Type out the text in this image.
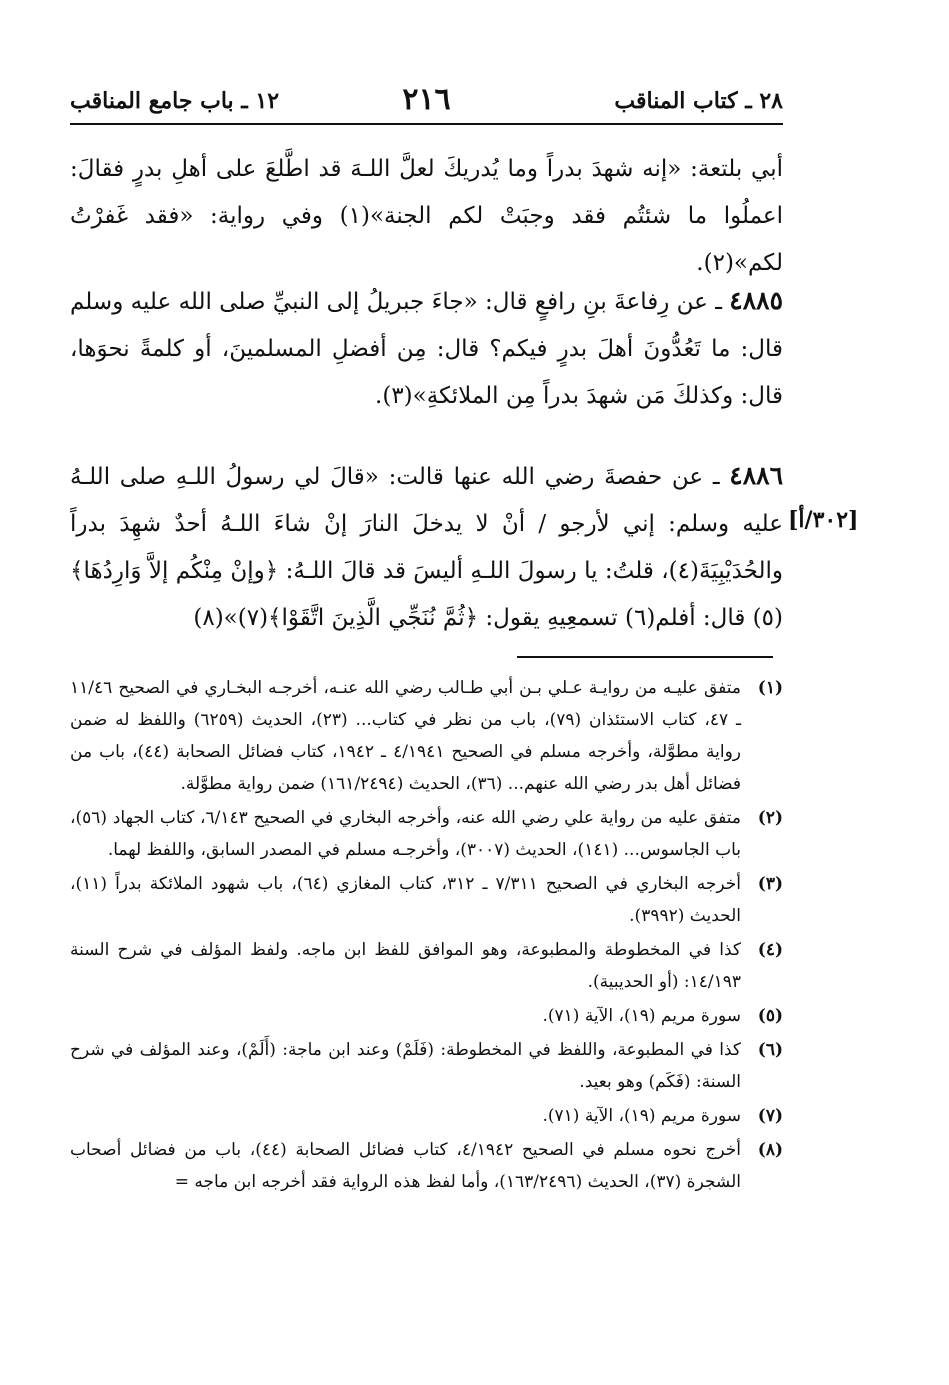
٢٨ ـ كتاب المناقب
٢١٦
١٢ ـ باب جامع المناقب
أبي بلتعة: «إنه شهدَ بدراً وما يُدريكَ لعلَّ اللـهَ قد اطَّلعَ على أهلِ بدرٍ فقالَ: اعملُوا ما شئتُم فقد وجبَتْ لكم الجنة»(١) وفي رواية: «فقد غَفرْتُ لكم»(٢).
٤٨٨٥ ـ عن رِفاعةَ بنِ رافعٍ قال: «جاءَ جبريلُ إلى النبيِّ صلى الله عليه وسلم قال: ما تَعُدُّونَ أهلَ بدرٍ فيكم؟ قال: مِن أفضلِ المسلمينَ، أو كلمةً نحوَها، قال: وكذلكَ مَن شهدَ بدراً مِن الملائكةِ»(٣).
٤٨٨٦ ـ عن حفصةَ رضي الله عنها قالت: «قالَ لي رسولُ اللـهِ صلى اللـهُ عليه وسلم: إني لأرجو / أنْ لا يدخلَ النارَ إنْ شاءَ اللـهُ أحدٌ شهِدَ بدراً والحُدَيْبِيَةَ(٤)، قلتُ: يا رسولَ اللـهِ أليسَ قد قالَ اللـهُ: ﴿وإنْ مِنْكُم إلاَّ وَارِدُهَا﴾(٥) قال: أفلم(٦) تسمعِيهِ يقول: ﴿ثُمَّ نُنَجِّي الَّذِينَ اتَّقَوْا﴾(٧)»(٨)
[٣٠٢/أ]
(١)
متفق عليـه من روايـة عـلي بـن أبي طـالب رضي الله عنـه، أخرجـه البخـاري في الصحيح ١١/٤٦ ـ ٤٧، كتاب الاستئذان (٧٩)، باب من نظر في كتاب... (٢٣)، الحديث (٦٢٥٩) واللفظ له ضمن رواية مطوَّلة، وأخرجه مسلم في الصحيح ٤/١٩٤١ ـ ١٩٤٢، كتاب فضائل الصحابة (٤٤)، باب من فضائل أهل بدر رضي الله عنهم... (٣٦)، الحديث (١٦١/٢٤٩٤) ضمن رواية مطوَّلة.
(٢)
متفق عليه من رواية علي رضي الله عنه، وأخرجه البخاري في الصحيح ٦/١٤٣، كتاب الجهاد (٥٦)، باب الجاسوس... (١٤١)، الحديث (٣٠٠٧)، وأخرجـه مسلم في المصدر السابق، واللفظ لهما.
(٣)
أخرجه البخاري في الصحيح ٧/٣١١ ـ ٣١٢، كتاب المغازي (٦٤)، باب شهود الملائكة بدراً (١١)، الحديث (٣٩٩٢).
(٤)
كذا في المخطوطة والمطبوعة، وهو الموافق للفظ ابن ماجه. ولفظ المؤلف في شرح السنة ١٤/١٩٣: (أو الحديبية).
(٥)
سورة مريم (١٩)، الآية (٧١).
(٦)
كذا في المطبوعة، واللفظ في المخطوطة: (فَلَمْ) وعند ابن ماجة: (أَلَمْ)، وعند المؤلف في شرح السنة: (فَكَم) وهو بعيد.
(٧)
سورة مريم (١٩)، الآية (٧١).
(٨)
أخرج نحوه مسلم في الصحيح ٤/١٩٤٢، كتاب فضائل الصحابة (٤٤)، باب من فضائل أصحاب الشجرة (٣٧)، الحديث (١٦٣/٢٤٩٦)، وأما لفظ هذه الرواية فقد أخرجه ابن ماجه =
